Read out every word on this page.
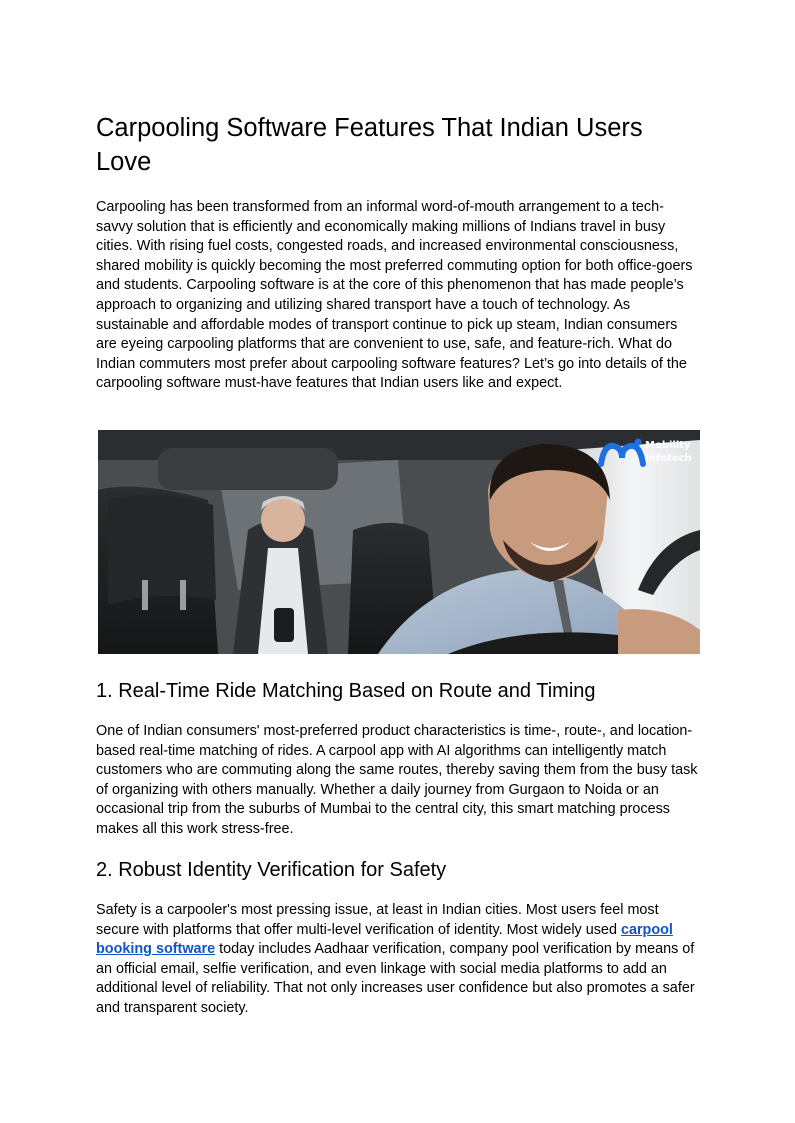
Carpooling Software Features That Indian Users Love

Carpooling has been transformed from an informal word-of-mouth arrangement to a tech-savvy solution that is efficiently and economically making millions of Indians travel in busy cities. With rising fuel costs, congested roads, and increased environmental consciousness, shared mobility is quickly becoming the most preferred commuting option for both office-goers and students. Carpooling software is at the core of this phenomenon that has made people’s approach to organizing and utilizing shared transport have a touch of technology. As sustainable and affordable modes of transport continue to pick up steam, Indian consumers are eyeing carpooling platforms that are convenient to use, safe, and feature-rich. What do Indian commuters most prefer about carpooling software features? Let’s go into details of the carpooling software must-have features that Indian users like and expect.

Mobility
Infotech
1. Real-Time Ride Matching Based on Route and Timing

One of Indian consumers' most-preferred product characteristics is time-, route-, and location-based real-time matching of rides. A carpool app with AI algorithms can intelligently match customers who are commuting along the same routes, thereby saving them from the busy task of organizing with others manually. Whether a daily journey from Gurgaon to Noida or an occasional trip from the suburbs of Mumbai to the central city, this smart matching process makes all this work stress-free.

2. Robust Identity Verification for Safety

Safety is a carpooler's most pressing issue, at least in Indian cities. Most users feel most secure with platforms that offer multi-level verification of identity. Most widely used carpool booking software today includes Aadhaar verification, company pool verification by means of an official email, selfie verification, and even linkage with social media platforms to add an additional level of reliability. That not only increases user confidence but also promotes a safer and transparent society.
